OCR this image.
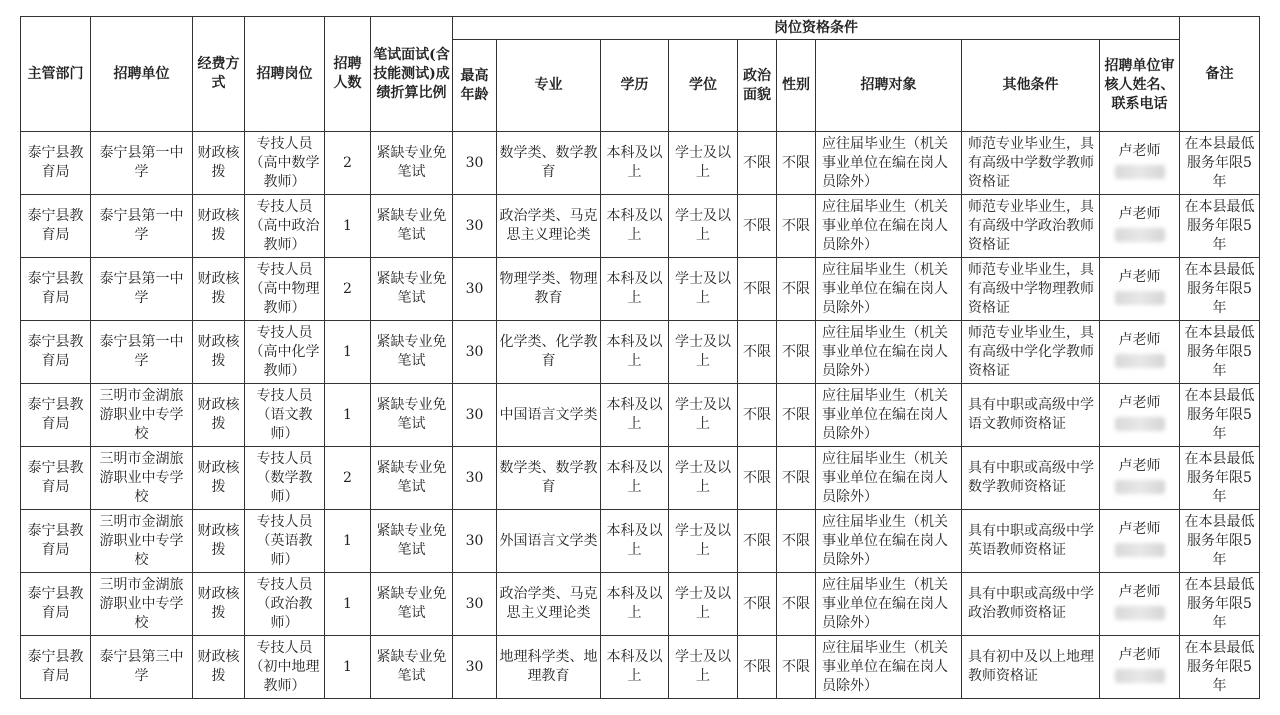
主管部门	招聘单位	经费方式	招聘岗位	招聘人数	笔试面试(含技能测试)成绩折算比例	岗位资格条件									备注
						最高年龄	专业	学历	学位	政治面貌	性别	招聘对象	其他条件	招聘单位审核人姓名、联系电话	
泰宁县教育局	泰宁县第一中学	财政核拨	专技人员（高中数学教师）	2	紧缺专业免笔试	30	数学类、数学教育	本科及以上	学士及以上	不限	不限	应往届毕业生（机关事业单位在编在岗人员除外）	师范专业毕业生，具有高级中学数学教师资格证	卢老师	在本县最低服务年限5年
泰宁县教育局	泰宁县第一中学	财政核拨	专技人员（高中政治教师）	1	紧缺专业免笔试	30	政治学类、马克思主义理论类	本科及以上	学士及以上	不限	不限	应往届毕业生（机关事业单位在编在岗人员除外）	师范专业毕业生，具有高级中学政治教师资格证	卢老师	在本县最低服务年限5年
泰宁县教育局	泰宁县第一中学	财政核拨	专技人员（高中物理教师）	2	紧缺专业免笔试	30	物理学类、物理教育	本科及以上	学士及以上	不限	不限	应往届毕业生（机关事业单位在编在岗人员除外）	师范专业毕业生，具有高级中学物理教师资格证	卢老师	在本县最低服务年限5年
泰宁县教育局	泰宁县第一中学	财政核拨	专技人员（高中化学教师）	1	紧缺专业免笔试	30	化学类、化学教育	本科及以上	学士及以上	不限	不限	应往届毕业生（机关事业单位在编在岗人员除外）	师范专业毕业生，具有高级中学化学教师资格证	卢老师	在本县最低服务年限5年
泰宁县教育局	三明市金湖旅游职业中专学校	财政核拨	专技人员（语文教师）	1	紧缺专业免笔试	30	中国语言文学类	本科及以上	学士及以上	不限	不限	应往届毕业生（机关事业单位在编在岗人员除外）	具有中职或高级中学语文教师资格证	卢老师	在本县最低服务年限5年
泰宁县教育局	三明市金湖旅游职业中专学校	财政核拨	专技人员（数学教师）	2	紧缺专业免笔试	30	数学类、数学教育	本科及以上	学士及以上	不限	不限	应往届毕业生（机关事业单位在编在岗人员除外）	具有中职或高级中学数学教师资格证	卢老师	在本县最低服务年限5年
泰宁县教育局	三明市金湖旅游职业中专学校	财政核拨	专技人员（英语教师）	1	紧缺专业免笔试	30	外国语言文学类	本科及以上	学士及以上	不限	不限	应往届毕业生（机关事业单位在编在岗人员除外）	具有中职或高级中学英语教师资格证	卢老师	在本县最低服务年限5年
泰宁县教育局	三明市金湖旅游职业中专学校	财政核拨	专技人员（政治教师）	1	紧缺专业免笔试	30	政治学类、马克思主义理论类	本科及以上	学士及以上	不限	不限	应往届毕业生（机关事业单位在编在岗人员除外）	具有中职或高级中学政治教师资格证	卢老师	在本县最低服务年限5年
泰宁县教育局	泰宁县第三中学	财政核拨	专技人员（初中地理教师）	1	紧缺专业免笔试	30	地理科学类、地理教育	本科及以上	学士及以上	不限	不限	应往届毕业生（机关事业单位在编在岗人员除外）	具有初中及以上地理教师资格证	卢老师	在本县最低服务年限5年
